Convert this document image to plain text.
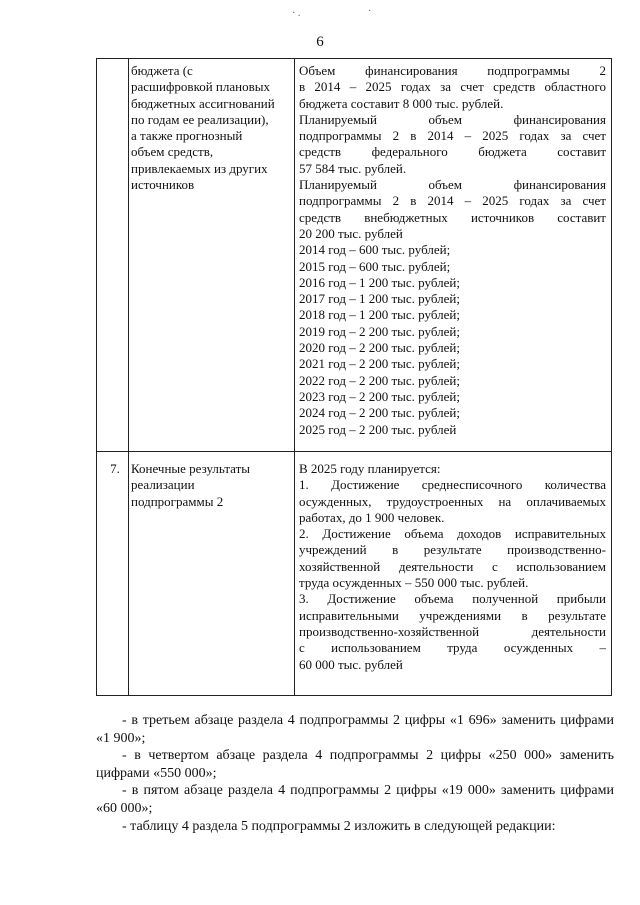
· .	·
6
бюджета (с
расшифровкой плановых
бюджетных ассигнований
по годам ее реализации),
а также прогнозный
объем средств,
привлекаемых из других
источников
Объем финансирования подпрограммы 2
в 2014 – 2025 годах за счет средств областного
бюджета составит 8 000 тыс. рублей.
Планируемый объем финансирования
подпрограммы 2 в 2014 – 2025 годах за счет
средств федерального бюджета составит
57 584 тыс. рублей.
Планируемый объем финансирования
подпрограммы 2 в 2014 – 2025 годах за счет
средств внебюджетных источников составит
20 200 тыс. рублей
2014 год – 600 тыс. рублей;
2015 год – 600 тыс. рублей;
2016 год – 1 200 тыс. рублей;
2017 год – 1 200 тыс. рублей;
2018 год – 1 200 тыс. рублей;
2019 год – 2 200 тыс. рублей;
2020 год – 2 200 тыс. рублей;
2021 год – 2 200 тыс. рублей;
2022 год – 2 200 тыс. рублей;
2023 год – 2 200 тыс. рублей;
2024 год – 2 200 тыс. рублей;
2025 год – 2 200 тыс. рублей
7. Конечные результаты
реализации
подпрограммы 2
В 2025 году планируется:
1. Достижение среднесписочного количества
осужденных, трудоустроенных на оплачиваемых
работах, до 1 900 человек.
2. Достижение объема доходов исправительных
учреждений в результате производственно-
хозяйственной деятельности с использованием
труда осужденных – 550 000 тыс. рублей.
3. Достижение объема полученной прибыли
исправительными учреждениями в результате
производственно-хозяйственной деятельности
с использованием труда осужденных –
60 000 тыс. рублей

- в третьем абзаце раздела 4 подпрограммы 2 цифры «1 696» заменить цифрами «1 900»;

- в четвертом абзаце раздела 4 подпрограммы 2 цифры «250 000» заменить цифрами «550 000»;

- в пятом абзаце раздела 4 подпрограммы 2 цифры «19 000» заменить цифрами «60 000»;

- таблицу 4 раздела 5 подпрограммы 2 изложить в следующей редакции:
